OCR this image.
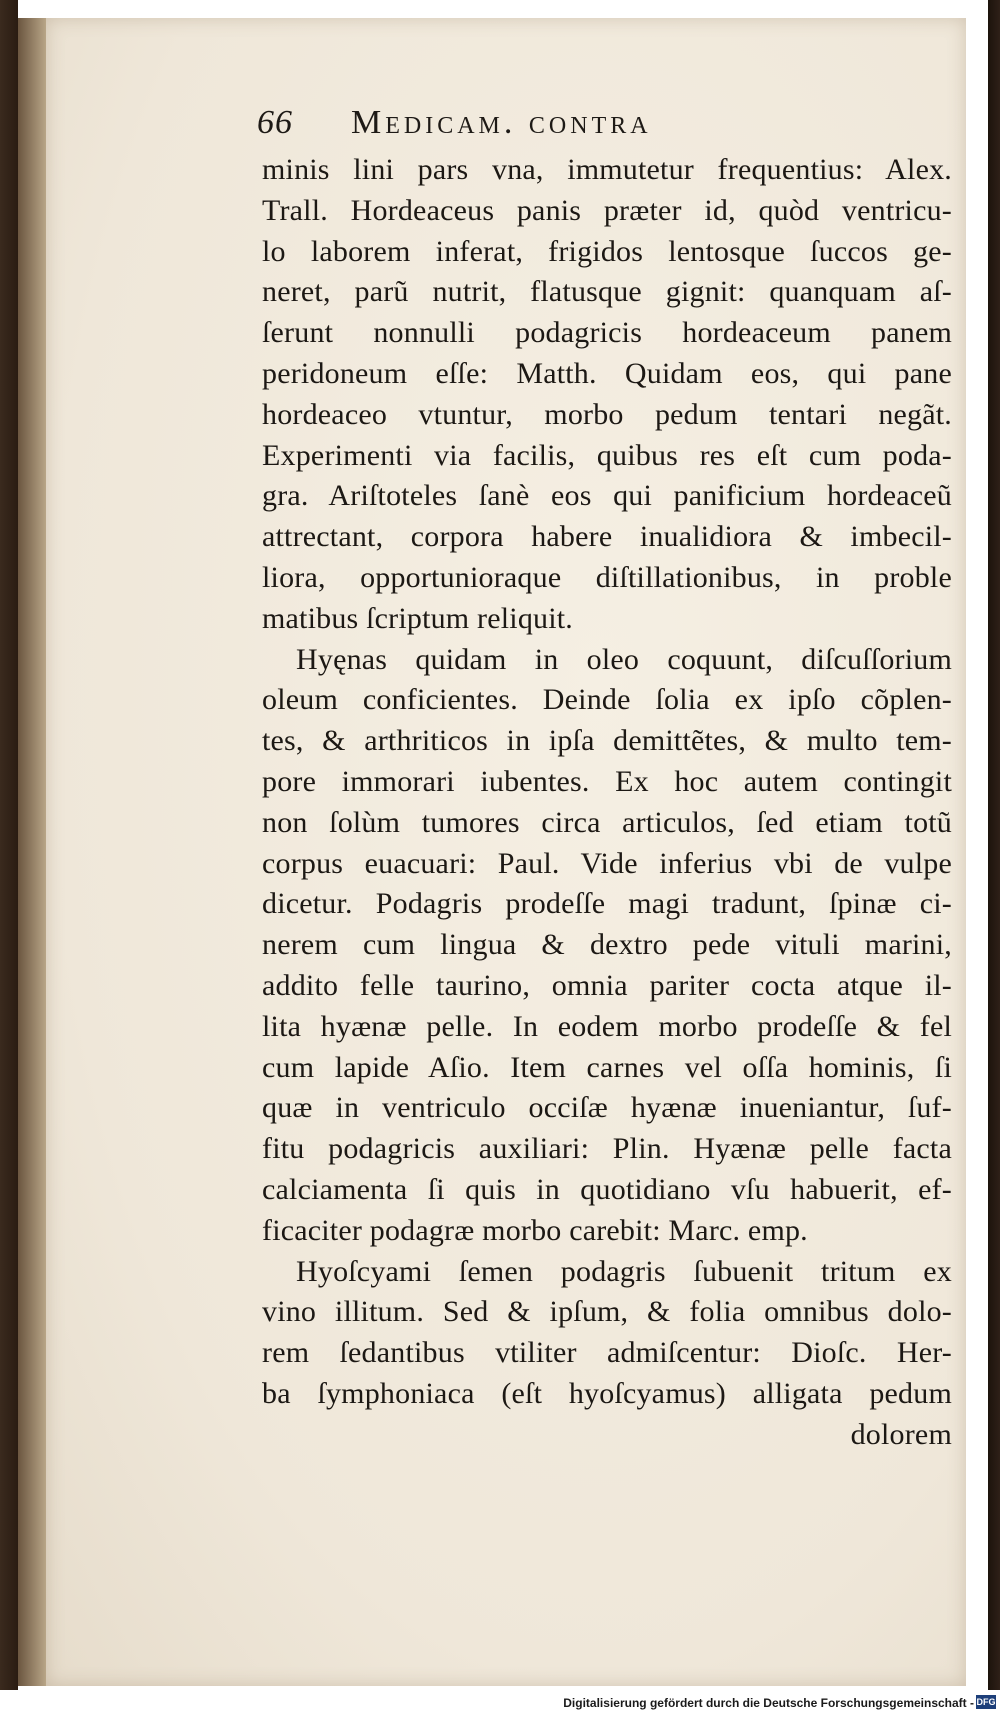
66 Medicam. contra
minis lini pars vna, immutetur frequentius: Alex.
Trall. Hordeaceus panis præter id, quòd ventricu-
lo laborem inferat, frigidos lentosque ſuccos ge-
neret, parũ nutrit, flatusque gignit: quanquam aſ-
ſerunt nonnulli podagricis hordeaceum panem
peridoneum eſſe: Matth. Quidam eos, qui pane
hordeaceo vtuntur, morbo pedum tentari negãt.
Experimenti via facilis, quibus res eſt cum poda-
gra. Ariſtoteles ſanè eos qui panificium hordeaceũ
attrectant, corpora habere inualidiora & imbecil-
liora, opportunioraque diſtillationibus, in proble
matibus ſcriptum reliquit.
Hyęnas quidam in oleo coquunt, diſcuſſorium
oleum conficientes. Deinde ſolia ex ipſo cõplen-
tes, & arthriticos in ipſa demittẽtes, & multo tem-
pore immorari iubentes. Ex hoc autem contingit
non ſolùm tumores circa articulos, ſed etiam totũ
corpus euacuari: Paul. Vide inferius vbi de vulpe
dicetur. Podagris prodeſſe magi tradunt, ſpinæ ci-
nerem cum lingua & dextro pede vituli marini,
addito felle taurino, omnia pariter cocta atque il-
lita hyænæ pelle. In eodem morbo prodeſſe & fel
cum lapide Aſio. Item carnes vel oſſa hominis, ſi
quæ in ventriculo occiſæ hyænæ inueniantur, ſuf-
fitu podagricis auxiliari: Plin. Hyænæ pelle facta
calciamenta ſi quis in quotidiano vſu habuerit, ef-
ficaciter podagræ morbo carebit: Marc. emp.
Hyoſcyami ſemen podagris ſubuenit tritum ex
vino illitum. Sed & ipſum, & folia omnibus dolo-
rem ſedantibus vtiliter admiſcentur: Dioſc. Her-
ba ſymphoniaca (eſt hyoſcyamus) alligata pedum
dolorem
Digitalisierung gefördert durch die Deutsche Forschungsgemeinschaft - DFG
